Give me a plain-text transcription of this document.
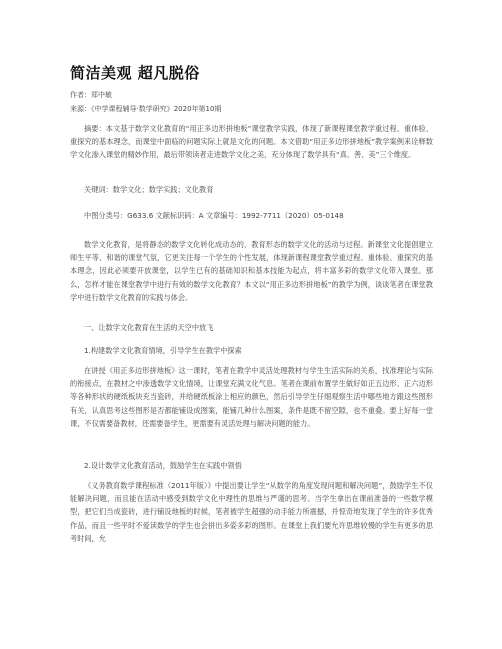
简洁美观 超凡脱俗
作者：郑中敏
来源：《中学课程辅导·数学研究》2020年第10期

摘要：本文基于数学文化教育的“用正多边形拼地板”课堂教学实践，体现了新课程课堂教学重过程、重体验、重探究的基本理念，而课堂中面临的问题实际上就是文化的问题。本文借助“用正多边形拼地板”教学案例来诠释数学文化渗入课堂的精妙作用，最后带领读者走进数学文化之美，充分体现了数学具有“真、善、美”三个维度。

关键词：数学文化；数学实践；文化教育
中图分类号：G633.6 文献标识码：A 文章编号：1992-7711（2020）05-0148

数学文化教育，是将静态的数学文化转化成动态的、教育形态的数学文化的活动与过程。新课堂文化提倡建立师生平等、和谐的课堂气氛，它更关注每一个学生的个性发展，体现新课程课堂教学重过程、重体验、重探究的基本理念，因此必须要开放课堂，以学生已有的基础知识和基本技能为起点，将丰富多彩的数学文化带入课堂。那么，怎样才能在课堂教学中进行有效的数学文化教育？本文以“用正多边形拼地板”的教学为例，谈谈笔者在课堂教学中进行数学文化教育的实践与体会。

一、让数学文化教育在生活的天空中放飞
1.构建数学文化教育情境，引导学生在教学中探索

在讲授《用正多边形拼地板》这一课时，笔者在教学中灵活处理教材与学生生活实际的关系，找准理论与实际的衔接点，在教材之中渗透数学文化情境，让课堂充满文化气息。笔者在课前布置学生做好如正五边形、正六边形等各种形状的硬纸板块充当瓷砖，并给硬纸板涂上相应的颜色，然后引导学生仔细观察生活中哪些地方跟这些图形有关，认真思考这些图形是否都能铺设成图案，能铺几种什么图案，条件是既不留空隙，也不重叠。要上好每一堂课，不仅需要备教材，还需要备学生，更需要有灵活处理与解决问题的能力。

2.设计数学文化教育活动，鼓励学生在实践中领悟

《义务教育数学课程标准（2011年版）》中提出要让学生“从数学的角度发现问题和解决问题”，鼓励学生不仅能解决问题，而且能在活动中感受到数学文化中理性的思维与严谨的思考。当学生拿出在课前准备的一些数学模型，把它们当成瓷砖，进行铺设地板的时候，笔者被学生超强的动手能力所震撼，并惊奇地发现了学生的许多优秀作品，而且一些平时不爱读数学的学生也会拼出多姿多彩的图形。在课堂上我们要允许思维较慢的学生有更多的思考时间，允
